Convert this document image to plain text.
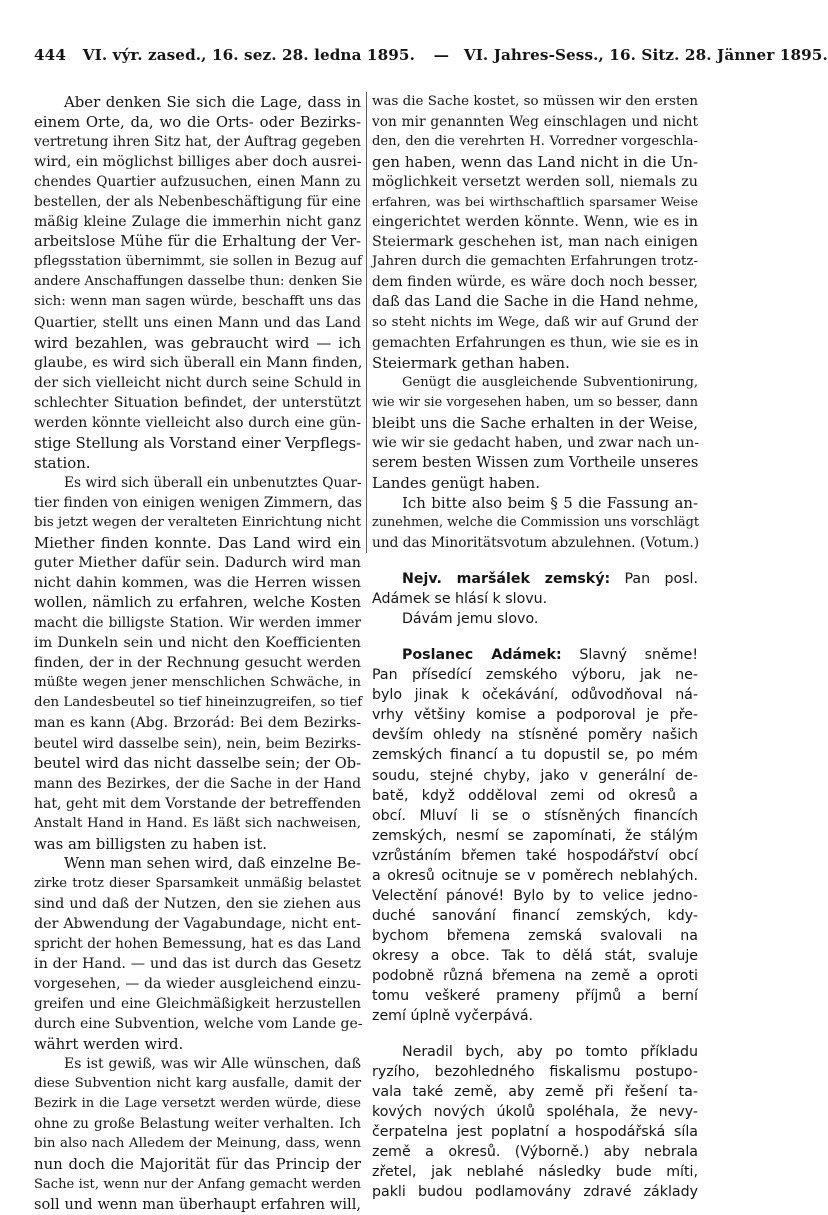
444 VI. výr. zased., 16. sez. 28. ledna 1895. — VI. Jahres-Sess., 16. Sitz. 28. Jänner 1895.
Aber denken Sie sich die Lage, dass in
einem Orte, da, wo die Orts- oder Bezirks-
vertretung ihren Sitz hat, der Auftrag gegeben
wird, ein möglichst billiges aber doch ausrei-
chendes Quartier aufzusuchen, einen Mann zu
bestellen, der als Nebenbeschäftigung für eine
mäßig kleine Zulage die immerhin nicht ganz
arbeitslose Mühe für die Erhaltung der Ver-
pflegsstation übernimmt, sie sollen in Bezug auf
andere Anschaffungen dasselbe thun: denken Sie
sich: wenn man sagen würde, beschafft uns das
Quartier, stellt uns einen Mann und das Land
wird bezahlen, was gebraucht wird — ich
glaube, es wird sich überall ein Mann finden,
der sich vielleicht nicht durch seine Schuld in
schlechter Situation befindet, der unterstützt
werden könnte vielleicht also durch eine gün-
stige Stellung als Vorstand einer Verpflegs-
station.
Es wird sich überall ein unbenutztes Quar-
tier finden von einigen wenigen Zimmern, das
bis jetzt wegen der veralteten Einrichtung nicht
Miether finden konnte. Das Land wird ein
guter Miether dafür sein. Dadurch wird man
nicht dahin kommen, was die Herren wissen
wollen, nämlich zu erfahren, welche Kosten
macht die billigste Station. Wir werden immer
im Dunkeln sein und nicht den Koefficienten
finden, der in der Rechnung gesucht werden
müßte wegen jener menschlichen Schwäche, in
den Landesbeutel so tief hineinzugreifen, so tief
man es kann (Abg. Brzorád: Bei dem Bezirks-
beutel wird dasselbe sein), nein, beim Bezirks-
beutel wird das nicht dasselbe sein; der Ob-
mann des Bezirkes, der die Sache in der Hand
hat, geht mit dem Vorstande der betreffenden
Anstalt Hand in Hand. Es läßt sich nachweisen,
was am billigsten zu haben ist.
Wenn man sehen wird, daß einzelne Be-
zirke trotz dieser Sparsamkeit unmäßig belastet
sind und daß der Nutzen, den sie ziehen aus
der Abwendung der Vagabundage, nicht ent-
spricht der hohen Bemessung, hat es das Land
in der Hand. — und das ist durch das Gesetz
vorgesehen, — da wieder ausgleichend einzu-
greifen und eine Gleichmäßigkeit herzustellen
durch eine Subvention, welche vom Lande ge-
währt werden wird.
Es ist gewiß, was wir Alle wünschen, daß
diese Subvention nicht karg ausfalle, damit der
Bezirk in die Lage versetzt werden würde, diese
ohne zu große Belastung weiter verhalten. Ich
bin also nach Alledem der Meinung, dass, wenn
nun doch die Majorität für das Princip der
Sache ist, wenn nur der Anfang gemacht werden
soll und wenn man überhaupt erfahren will,
was die Sache kostet, so müssen wir den ersten
von mir genannten Weg einschlagen und nicht
den, den die verehrten H. Vorredner vorgeschla-
gen haben, wenn das Land nicht in die Un-
möglichkeit versetzt werden soll, niemals zu
erfahren, was bei wirthschaftlich sparsamer Weise
eingerichtet werden könnte. Wenn, wie es in
Steiermark geschehen ist, man nach einigen
Jahren durch die gemachten Erfahrungen trotz-
dem finden würde, es wäre doch noch besser,
daß das Land die Sache in die Hand nehme,
so steht nichts im Wege, daß wir auf Grund der
gemachten Erfahrungen es thun, wie sie es in
Steiermark gethan haben.
Genügt die ausgleichende Subventionirung,
wie wir sie vorgesehen haben, um so besser, dann
bleibt uns die Sache erhalten in der Weise,
wie wir sie gedacht haben, und zwar nach un-
serem besten Wissen zum Vortheile unseres
Landes genügt haben.
Ich bitte also beim § 5 die Fassung an-
zunehmen, welche die Commission uns vorschlägt
und das Minoritätsvotum abzulehnen. (Votum.)
Nejv. maršálek zemský: Pan posl.
Adámek se hlásí k slovu.
Dávám jemu slovo.
Poslanec Adámek: Slavný sněme!
Pan přísedící zemského výboru, jak ne-
bylo jinak k očekávání, odůvodňoval ná-
vrhy většiny komise a podporoval je pře-
devším ohledy na stísněné poměry našich
zemských financí a tu dopustil se, po mém
soudu, stejné chyby, jako v generální de-
batě, když odděloval zemi od okresů a
obcí. Mluví li se o stísněných financích
zemských, nesmí se zapomínati, že stálým
vzrůstáním břemen také hospodářství obcí
a okresů ocitnuje se v poměrech neblahých.
Velectění pánové! Bylo by to velice jedno-
duché sanování financí zemských, kdy-
bychom břemena zemská svalovali na
okresy a obce. Tak to dělá stát, svaluje
podobně různá břemena na země a oproti
tomu veškeré prameny příjmů a berní
zemí úplně vyčerpává.
Neradil bych, aby po tomto příkladu
ryzího, bezohledného fiskalismu postupo-
vala také země, aby země při řešení ta-
kových nových úkolů spoléhala, že nevy-
čerpatelna jest poplatní a hospodářská síla
země a okresů. (Výborně.) aby nebrala
zřetel, jak neblahé následky bude míti,
pakli budou podlamovány zdravé základy
